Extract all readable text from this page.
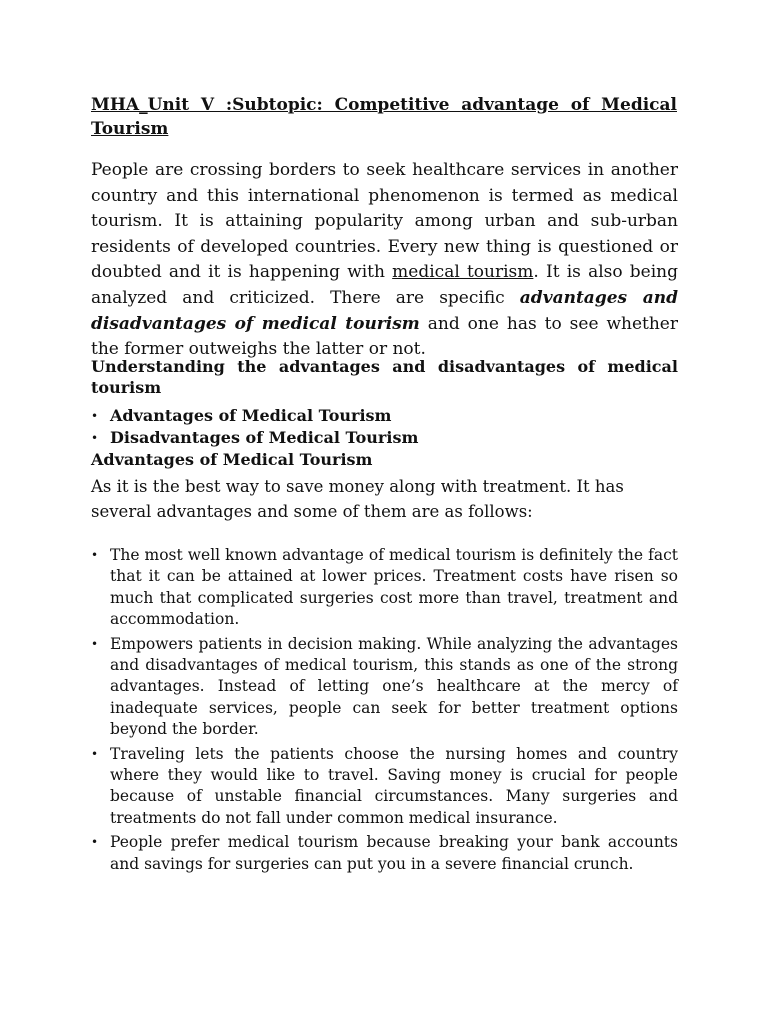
MHA_Unit V :Subtopic: Competitive advantage of Medical
Tourism

People are crossing borders to seek healthcare services in another country and this international phenomenon is termed as medical tourism. It is attaining popularity among urban and sub-urban residents of developed countries. Every new thing is questioned or doubted and it is happening with medical tourism. It is also being analyzed and criticized. There are specific advantages and disadvantages of medical tourism and one has to see whether the former outweighs the latter or not.

Understanding the advantages and disadvantages of medical tourism
• Advantages of Medical Tourism
• Disadvantages of Medical Tourism
Advantages of Medical Tourism
As it is the best way to save money along with treatment. It has several advantages and some of them are as follows:
• The most well known advantage of medical tourism is definitely the fact that it can be attained at lower prices. Treatment costs have risen so much that complicated surgeries cost more than travel, treatment and accommodation.
• Empowers patients in decision making. While analyzing the advantages and disadvantages of medical tourism, this stands as one of the strong advantages. Instead of letting one’s healthcare at the mercy of inadequate services, people can seek for better treatment options beyond the border.
• Traveling lets the patients choose the nursing homes and country where they would like to travel. Saving money is crucial for people because of unstable financial circumstances. Many surgeries and treatments do not fall under common medical insurance.
• People prefer medical tourism because breaking your bank accounts and savings for surgeries can put you in a severe financial crunch.
